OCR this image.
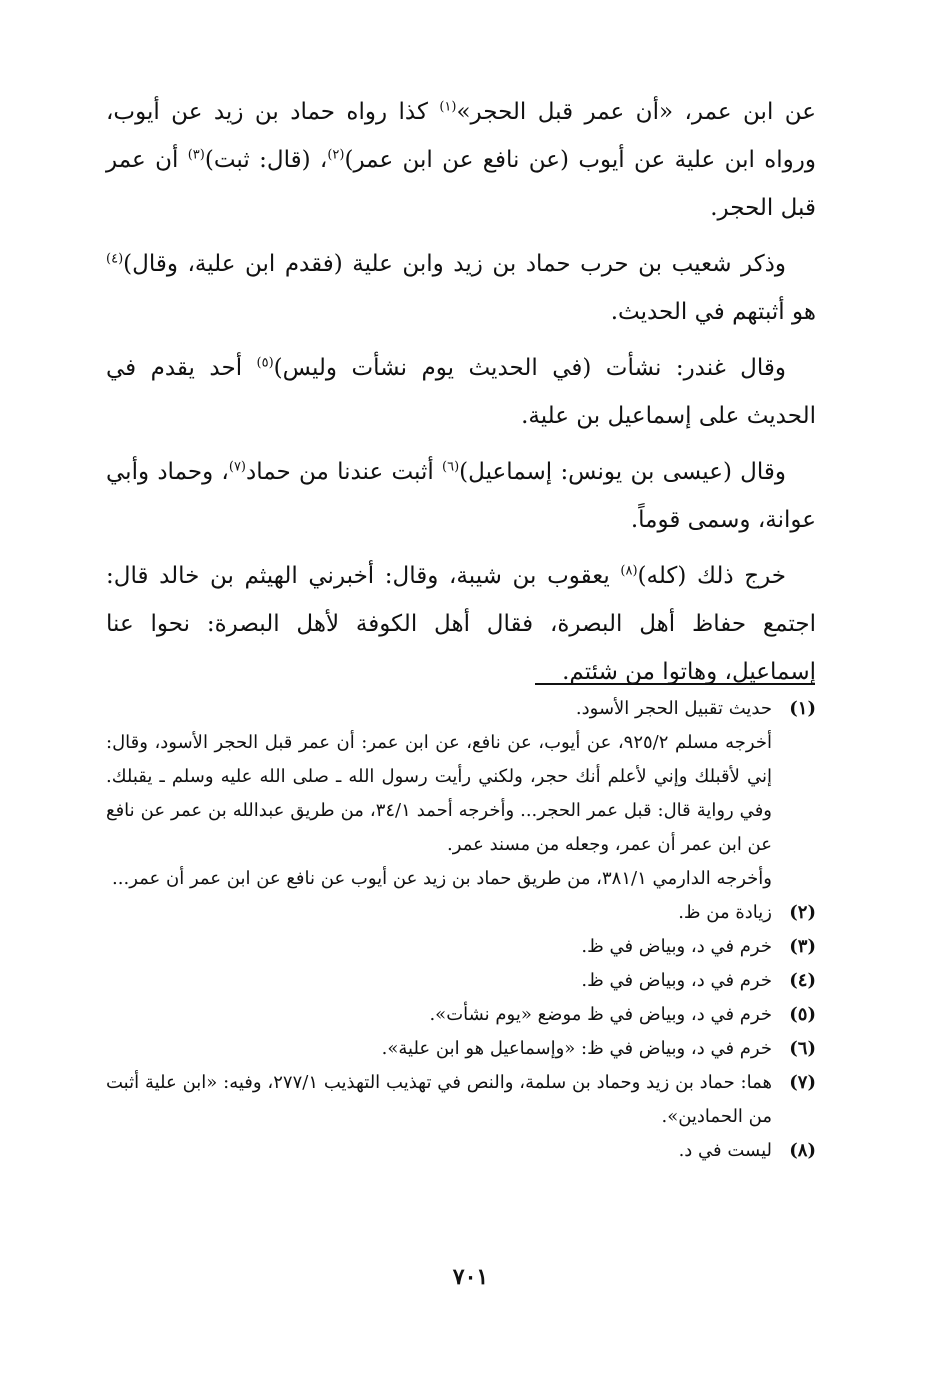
عن ابن عمر، «أن عمر قبل الحجر»$^{(١)}$ كذا رواه حماد بن زيد عن أيوب، ورواه ابن علية عن أيوب (عن نافع عن ابن عمر)$^{(٢)}$، (قال: ثبت)$^{(٣)}$ أن عمر قبل الحجر.

وذكر شعيب بن حرب حماد بن زيد وابن علية (فقدم ابن علية، وقال)$^{(٤)}$ هو أثبتهم في الحديث.

وقال غندر: نشأت (في الحديث يوم نشأت وليس)$^{(٥)}$ أحد يقدم في الحديث على إسماعيل بن علية.

وقال (عيسى بن يونس: إسماعيل)$^{(٦)}$ أثبت عندنا من حماد$^{(٧)}$، وحماد وأبي عوانة، وسمى قوماً.

خرج ذلك (كله)$^{(٨)}$ يعقوب بن شيبة، وقال: أخبرني الهيثم بن خالد قال: اجتمع حفاظ أهل البصرة، فقال أهل الكوفة لأهل البصرة: نحوا عنا إسماعيل، وهاتوا من شئتم.

(١)
حديث تقبيل الحجر الأسود.

أخرجه مسلم ٩٢٥/٢، عن أيوب، عن نافع، عن ابن عمر: أن عمر قبل الحجر الأسود، وقال: إني لأقبلك وإني لأعلم أنك حجر، ولكني رأيت رسول الله ـ صلى الله عليه وسلم ـ يقبلك. وفي رواية قال: قبل عمر الحجر... وأخرجه أحمد ٣٤/١، من طريق عبدالله بن عمر عن نافع عن ابن عمر أن عمر، وجعله من مسند عمر.

وأخرجه الدارمي ٣٨١/١، من طريق حماد بن زيد عن أيوب عن نافع عن ابن عمر أن عمر...

(٢)
زيادة من ظ.
(٣)
خرم في د، وبياض في ظ.
(٤)
خرم في د، وبياض في ظ.
(٥)
خرم في د، وبياض في ظ موضع «يوم نشأت».
(٦)
خرم في د، وبياض في ظ: «وإسماعيل هو ابن علية».
(٧)
هما: حماد بن زيد وحماد بن سلمة، والنص في تهذيب التهذيب ٢٧٧/١، وفيه: «ابن علية أثبت من الحمادين».
(٨)
ليست في د.
٧٠١
